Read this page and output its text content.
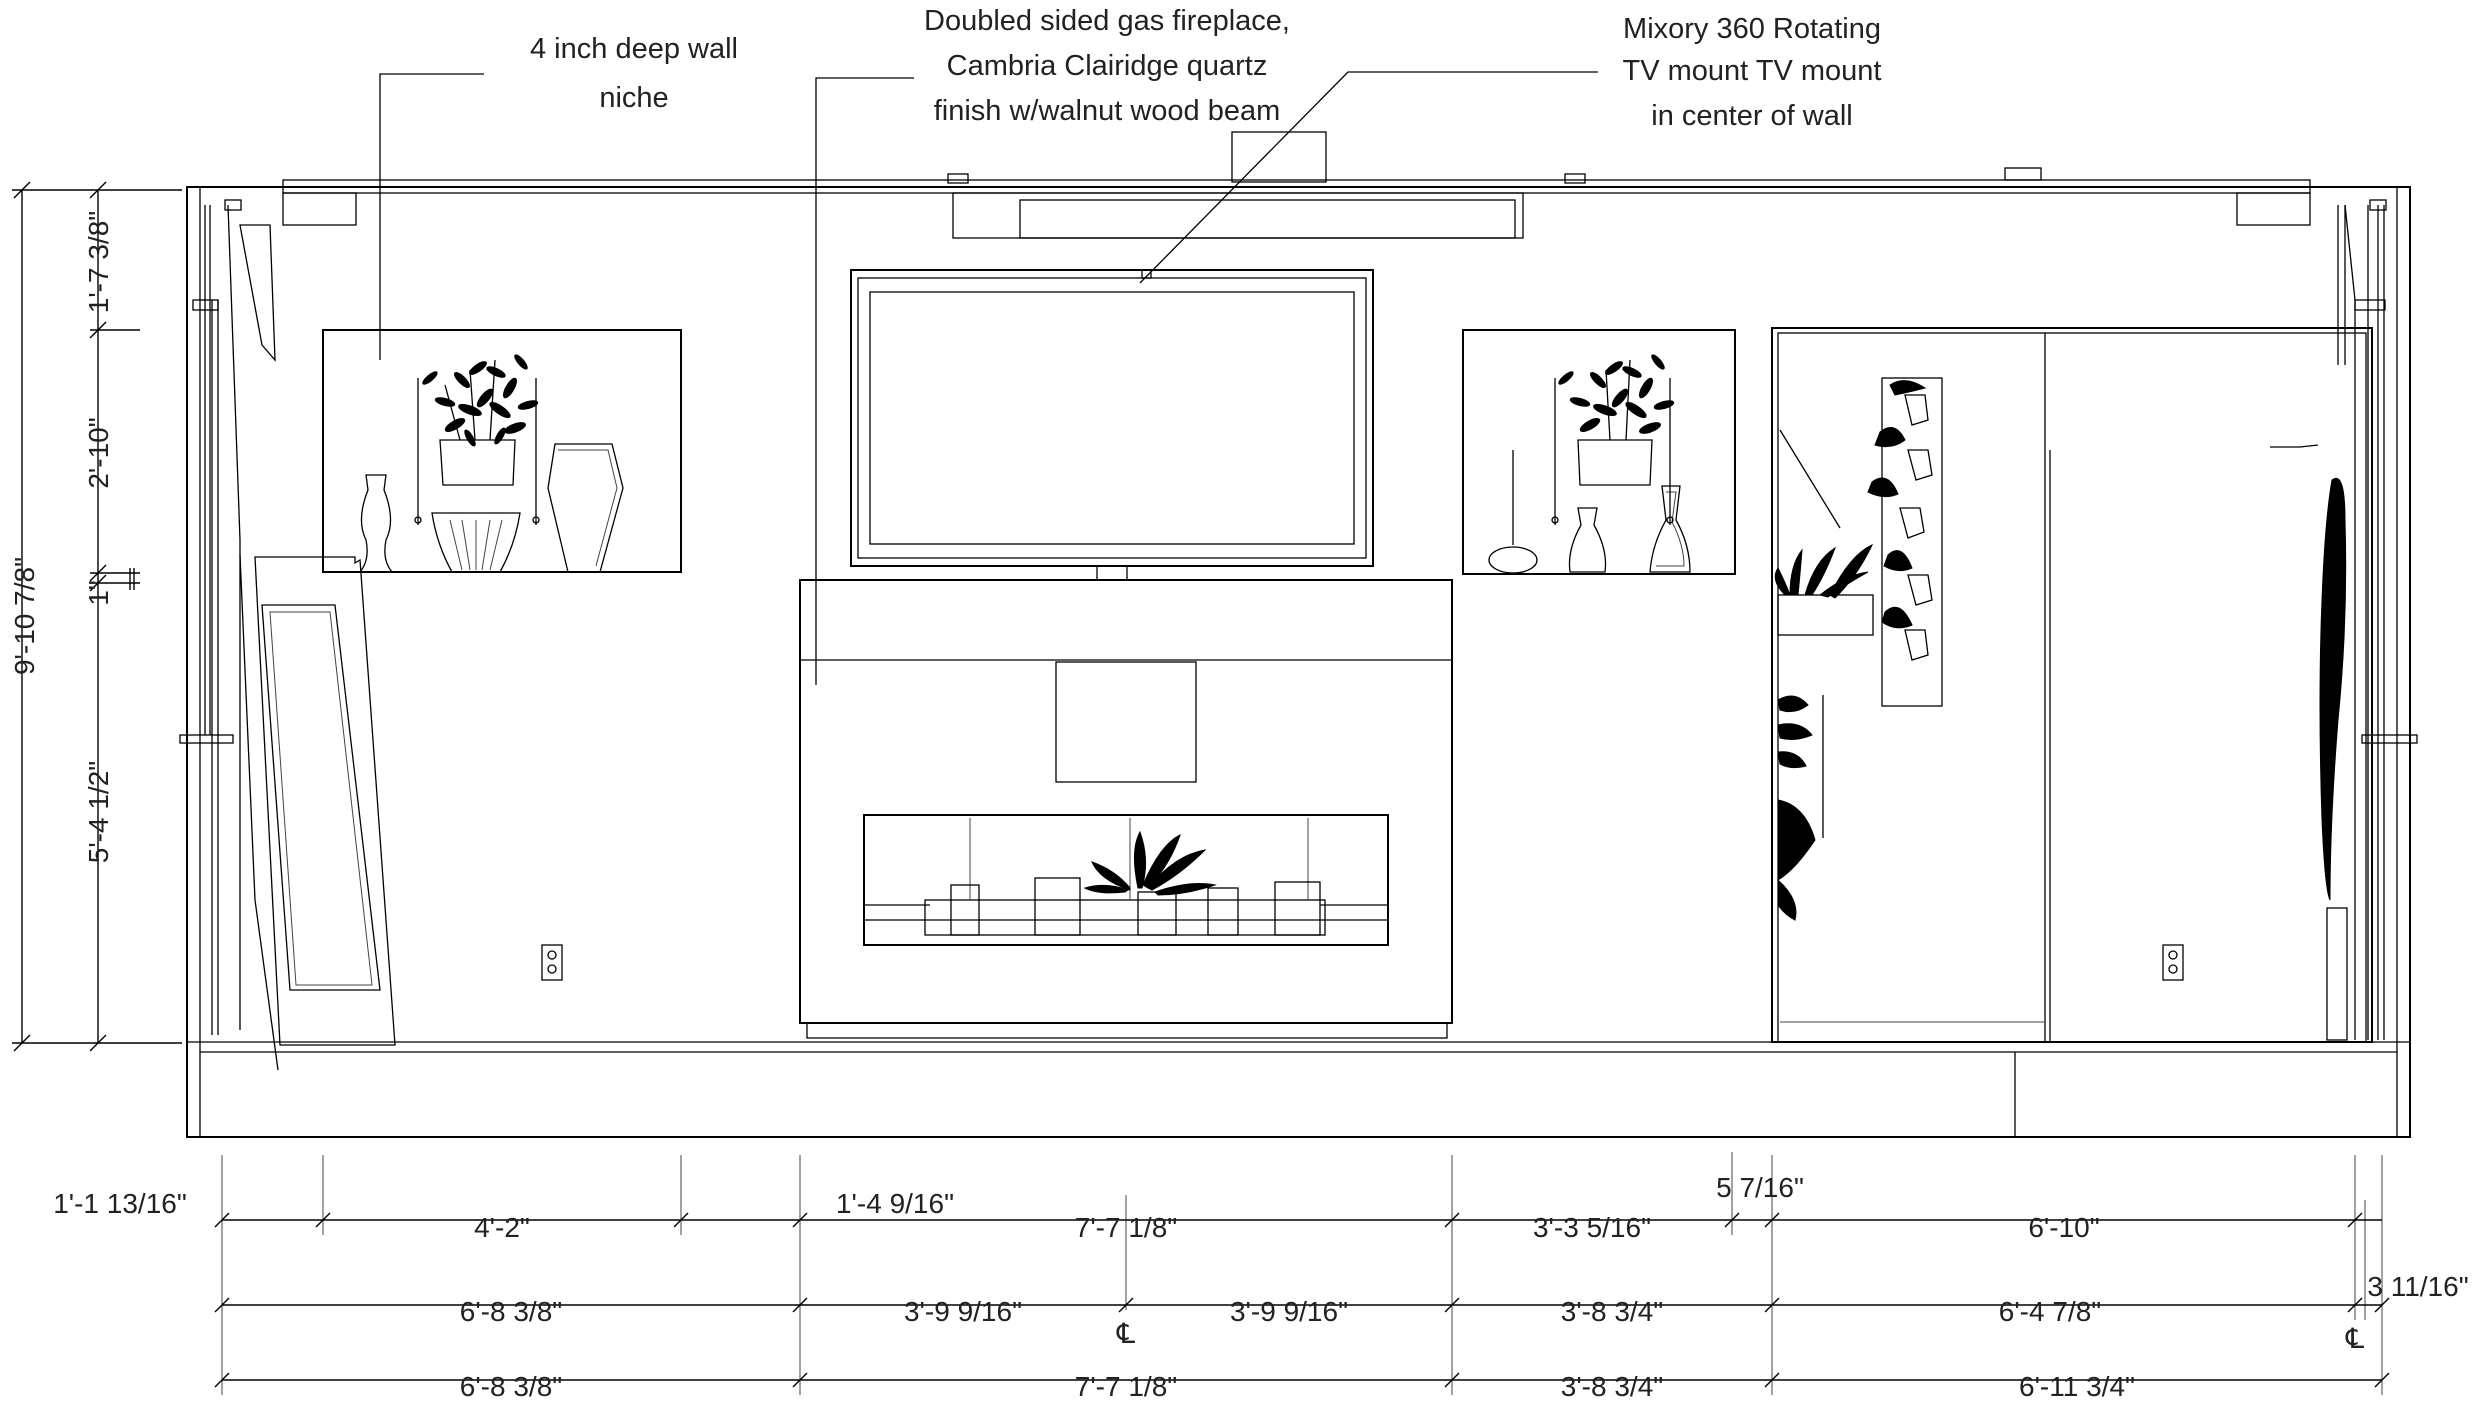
4 inch deep wall
niche
Doubled sided gas fireplace,
Cambria Clairidge quartz
finish w/walnut wood beam
Mixory 360 Rotating
TV mount TV mount
in center of wall
9'-10 7/8"
1'-7 3/8"
2'-10"
1"
5'-4 1/2"
1'-1 13/16"
4'-2"
1'-4 9/16"
7'-7 1/8"	3'-3 5/16"
5 7/16"
6'-10"
6'-8 3/8"	3'-9 9/16"	3'-9 9/16"	3'-8 3/4"	6'-4 7/8"
3 11/16"
℄	℄
6'-8 3/8"	7'-7 1/8"	3'-8 3/4"	6'-11 3/4"
